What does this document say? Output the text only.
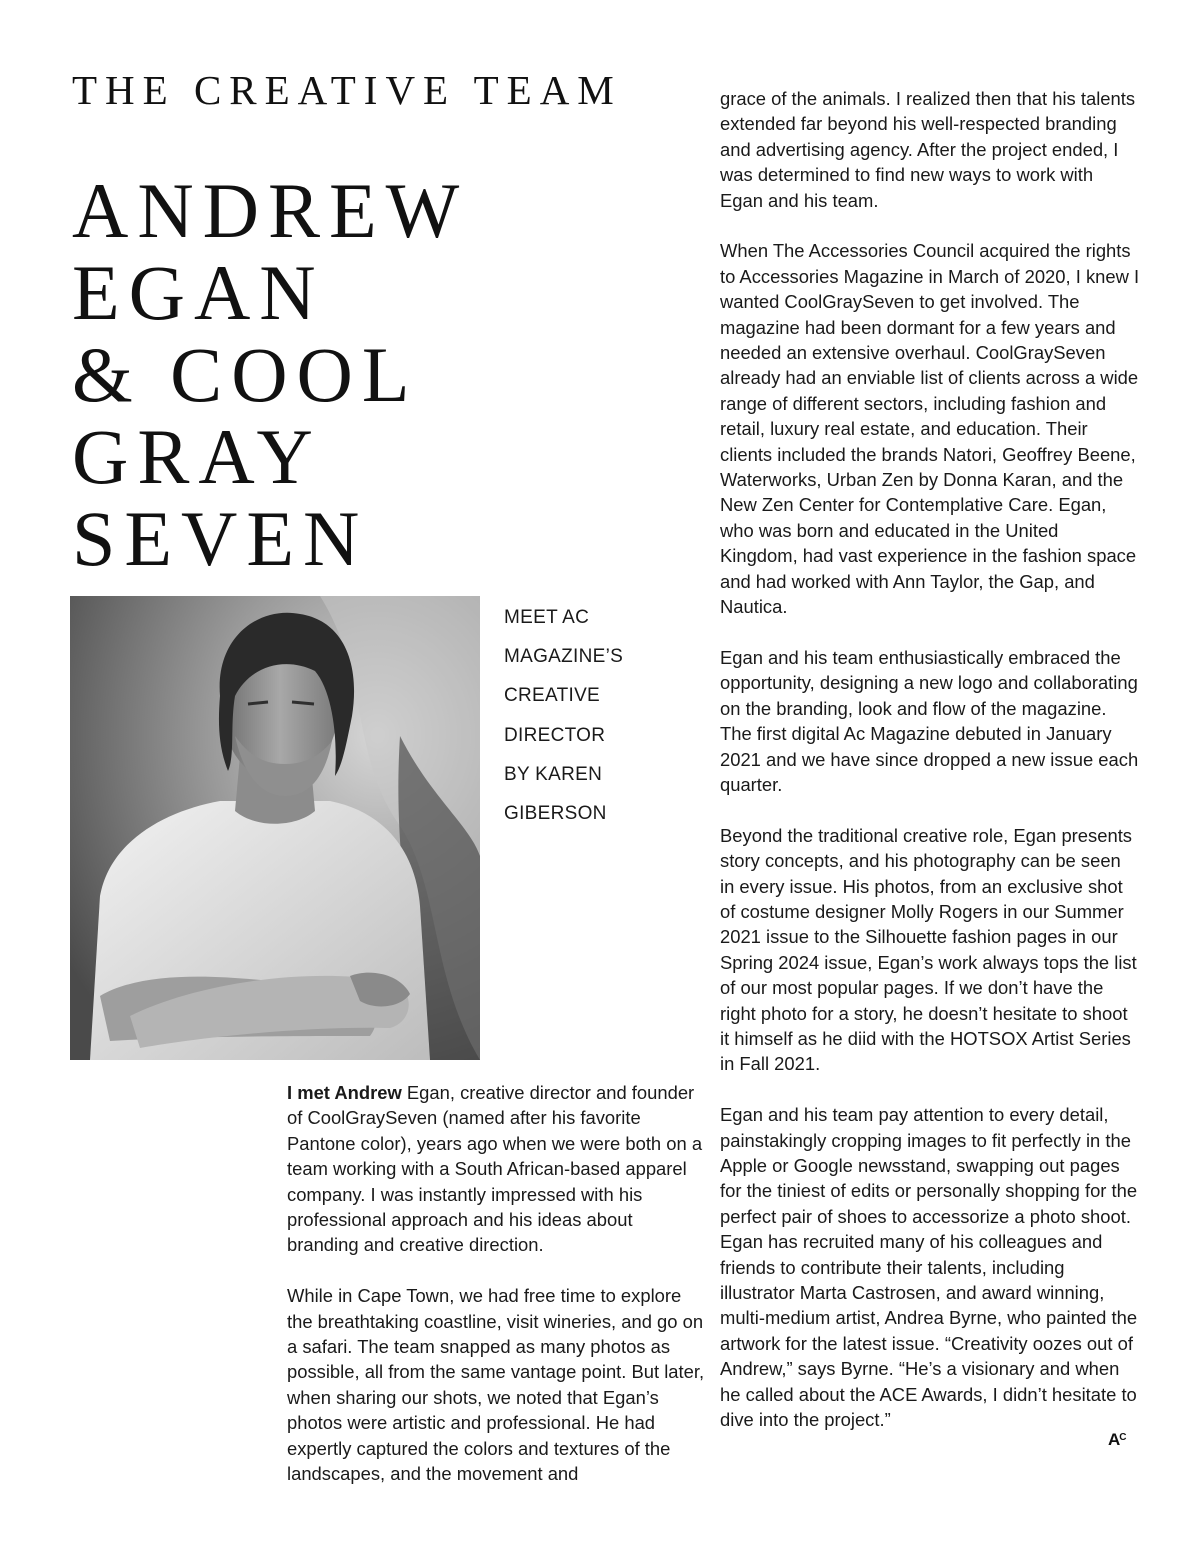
THE CREATIVE TEAM
ANDREW
EGAN
& COOL
GRAY
SEVEN
MEET AC
MAGAZINE’S
CREATIVE
DIRECTOR
BY KAREN
GIBERSON

I met Andrew Egan, creative director and founder of CoolGraySeven (named after his favorite Pantone color), years ago when we were both on a team working with a South African-based apparel company. I was instantly impressed with his professional approach and his ideas about branding and creative direction.

While in Cape Town, we had free time to explore the breathtaking coastline, visit wineries, and go on a safari. The team snapped as many photos as possible, all from the same vantage point. But later, when sharing our shots, we noted that Egan’s photos were artistic and professional. He had expertly captured the colors and textures of the landscapes, and the movement and

grace of the animals. I realized then that his talents extended far beyond his well-respected branding and advertising agency. After the project ended, I was determined to find new ways to work with Egan and his team.

When The Accessories Council acquired the rights to Accessories Magazine in March of 2020, I knew I wanted CoolGraySeven to get involved. The magazine had been dormant for a few years and needed an extensive overhaul. CoolGraySeven already had an enviable list of clients across a wide range of different sectors, including fashion and retail, luxury real estate, and education. Their clients included the brands Natori, Geoffrey Beene, Waterworks, Urban Zen by Donna Karan, and the New Zen Center for Contemplative Care. Egan, who was born and educated in the United Kingdom, had vast experience in the fashion space and had worked with Ann Taylor, the Gap, and Nautica.

Egan and his team enthusiastically embraced the opportunity, designing a new logo and collaborating on the branding, look and flow of the magazine. The first digital Ac Magazine debuted in January 2021 and we have since dropped a new issue each quarter.

Beyond the traditional creative role, Egan presents story concepts, and his photography can be seen in every issue. His photos, from an exclusive shot of costume designer Molly Rogers in our Summer 2021 issue to the Silhouette fashion pages in our Spring 2024 issue, Egan’s work always tops the list of our most popular pages. If we don’t have the right photo for a story, he doesn’t hesitate to shoot it himself as he diid with the HOTSOX Artist Series in Fall 2021.

Egan and his team pay attention to every detail, painstakingly cropping images to fit perfectly in the Apple or Google newsstand, swapping out pages for the tiniest of edits or personally shopping for the perfect pair of shoes to accessorize a photo shoot. Egan has recruited many of his colleagues and friends to contribute their talents, including illustrator Marta Castrosen, and award winning, multi-medium artist, Andrea Byrne, who painted the artwork for the latest issue. “Creativity oozes out of Andrew,” says Byrne. “He’s a visionary and when he called about the ACE Awards, I didn’t hesitate to dive into the project.”

$A^C$
